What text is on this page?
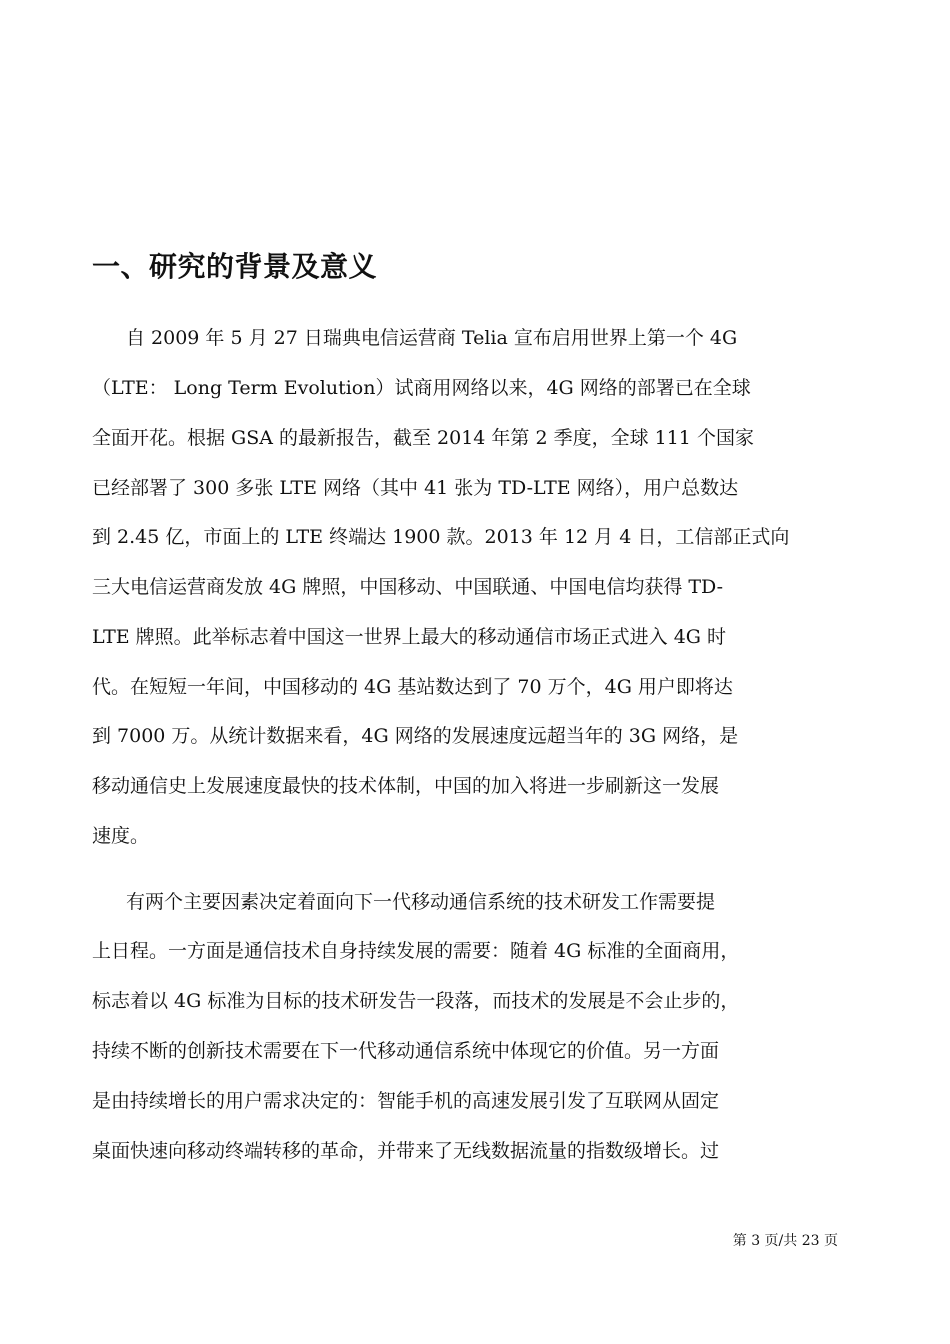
一、研究的背景及意义

自 2009 年 5 月 27 日瑞典电信运营商 Telia 宣布启用世界上第一个 4G

（LTE： Long Term Evolution）试商用网络以来，4G 网络的部署已在全球

全面开花。根据 GSA 的最新报告，截至 2014 年第 2 季度，全球 111 个国家

已经部署了 300 多张 LTE 网络（其中 41 张为 TD-LTE 网络），用户总数达

到 2.45 亿，市面上的 LTE 终端达 1900 款。2013 年 12 月 4 日，工信部正式向

三大电信运营商发放 4G 牌照，中国移动、中国联通、中国电信均获得 TD-

LTE 牌照。此举标志着中国这一世界上最大的移动通信市场正式进入 4G 时

代。在短短一年间，中国移动的 4G 基站数达到了 70 万个，4G 用户即将达

到 7000 万。从统计数据来看，4G 网络的发展速度远超当年的 3G 网络，是

移动通信史上发展速度最快的技术体制，中国的加入将进一步刷新这一发展

速度。

有两个主要因素决定着面向下一代移动通信系统的技术研发工作需要提

上日程。一方面是通信技术自身持续发展的需要：随着 4G 标准的全面商用，

标志着以 4G 标准为目标的技术研发告一段落，而技术的发展是不会止步的，

持续不断的创新技术需要在下一代移动通信系统中体现它的价值。另一方面

是由持续增长的用户需求决定的：智能手机的高速发展引发了互联网从固定

桌面快速向移动终端转移的革命，并带来了无线数据流量的指数级增长。过

第 3 页/共 23 页
